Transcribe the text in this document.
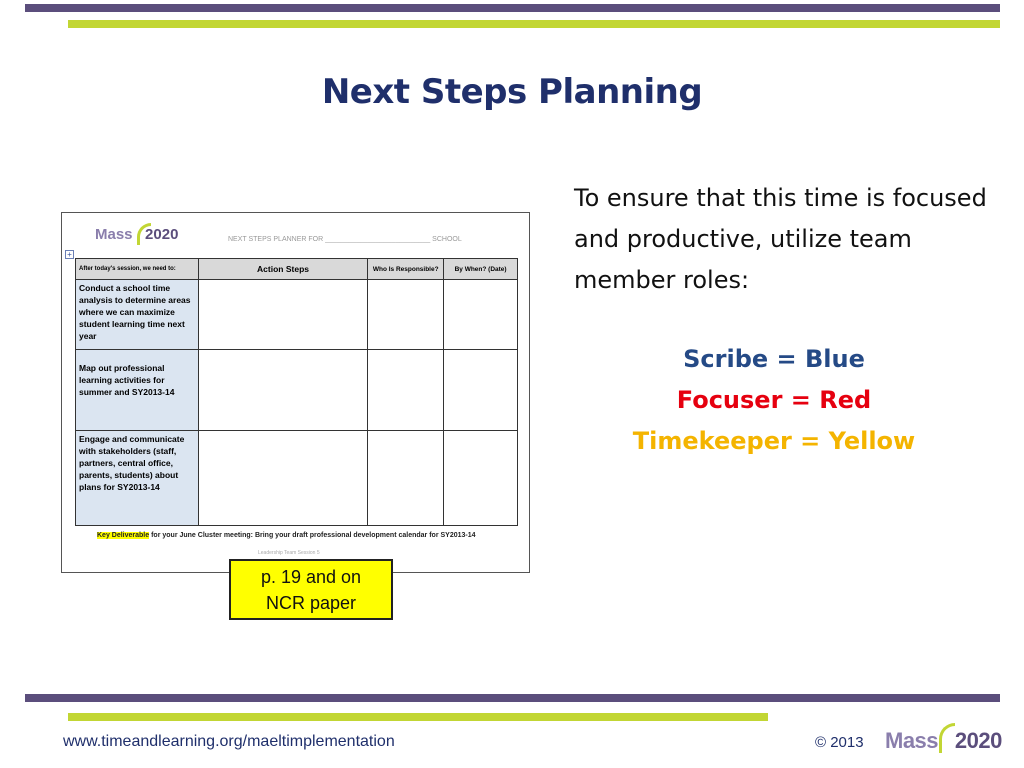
Next Steps Planning
Mass 2020	NEXT STEPS PLANNER FOR ___________________________ SCHOOL
+
After today's session, we need to:	Action Steps	Who Is Responsible?	By When? (Date)
Conduct a school time analysis to determine areas where we can maximize student learning time next year			
Map out professional learning activities for summer and SY2013-14			
Engage and communicate with stakeholders (staff, partners, central office, parents, students) about plans for SY2013-14			
Key Deliverable for your June Cluster meeting: Bring your draft professional development calendar for SY2013-14
Leadership Team Session 5
p. 19 and on
NCR paper
To ensure that this time is focused and productive, utilize team member roles:
Scribe = Blue
Focuser = Red
Timekeeper = Yellow
www.timeandlearning.org/maeltimplementation	© 2013 Mass 2020
